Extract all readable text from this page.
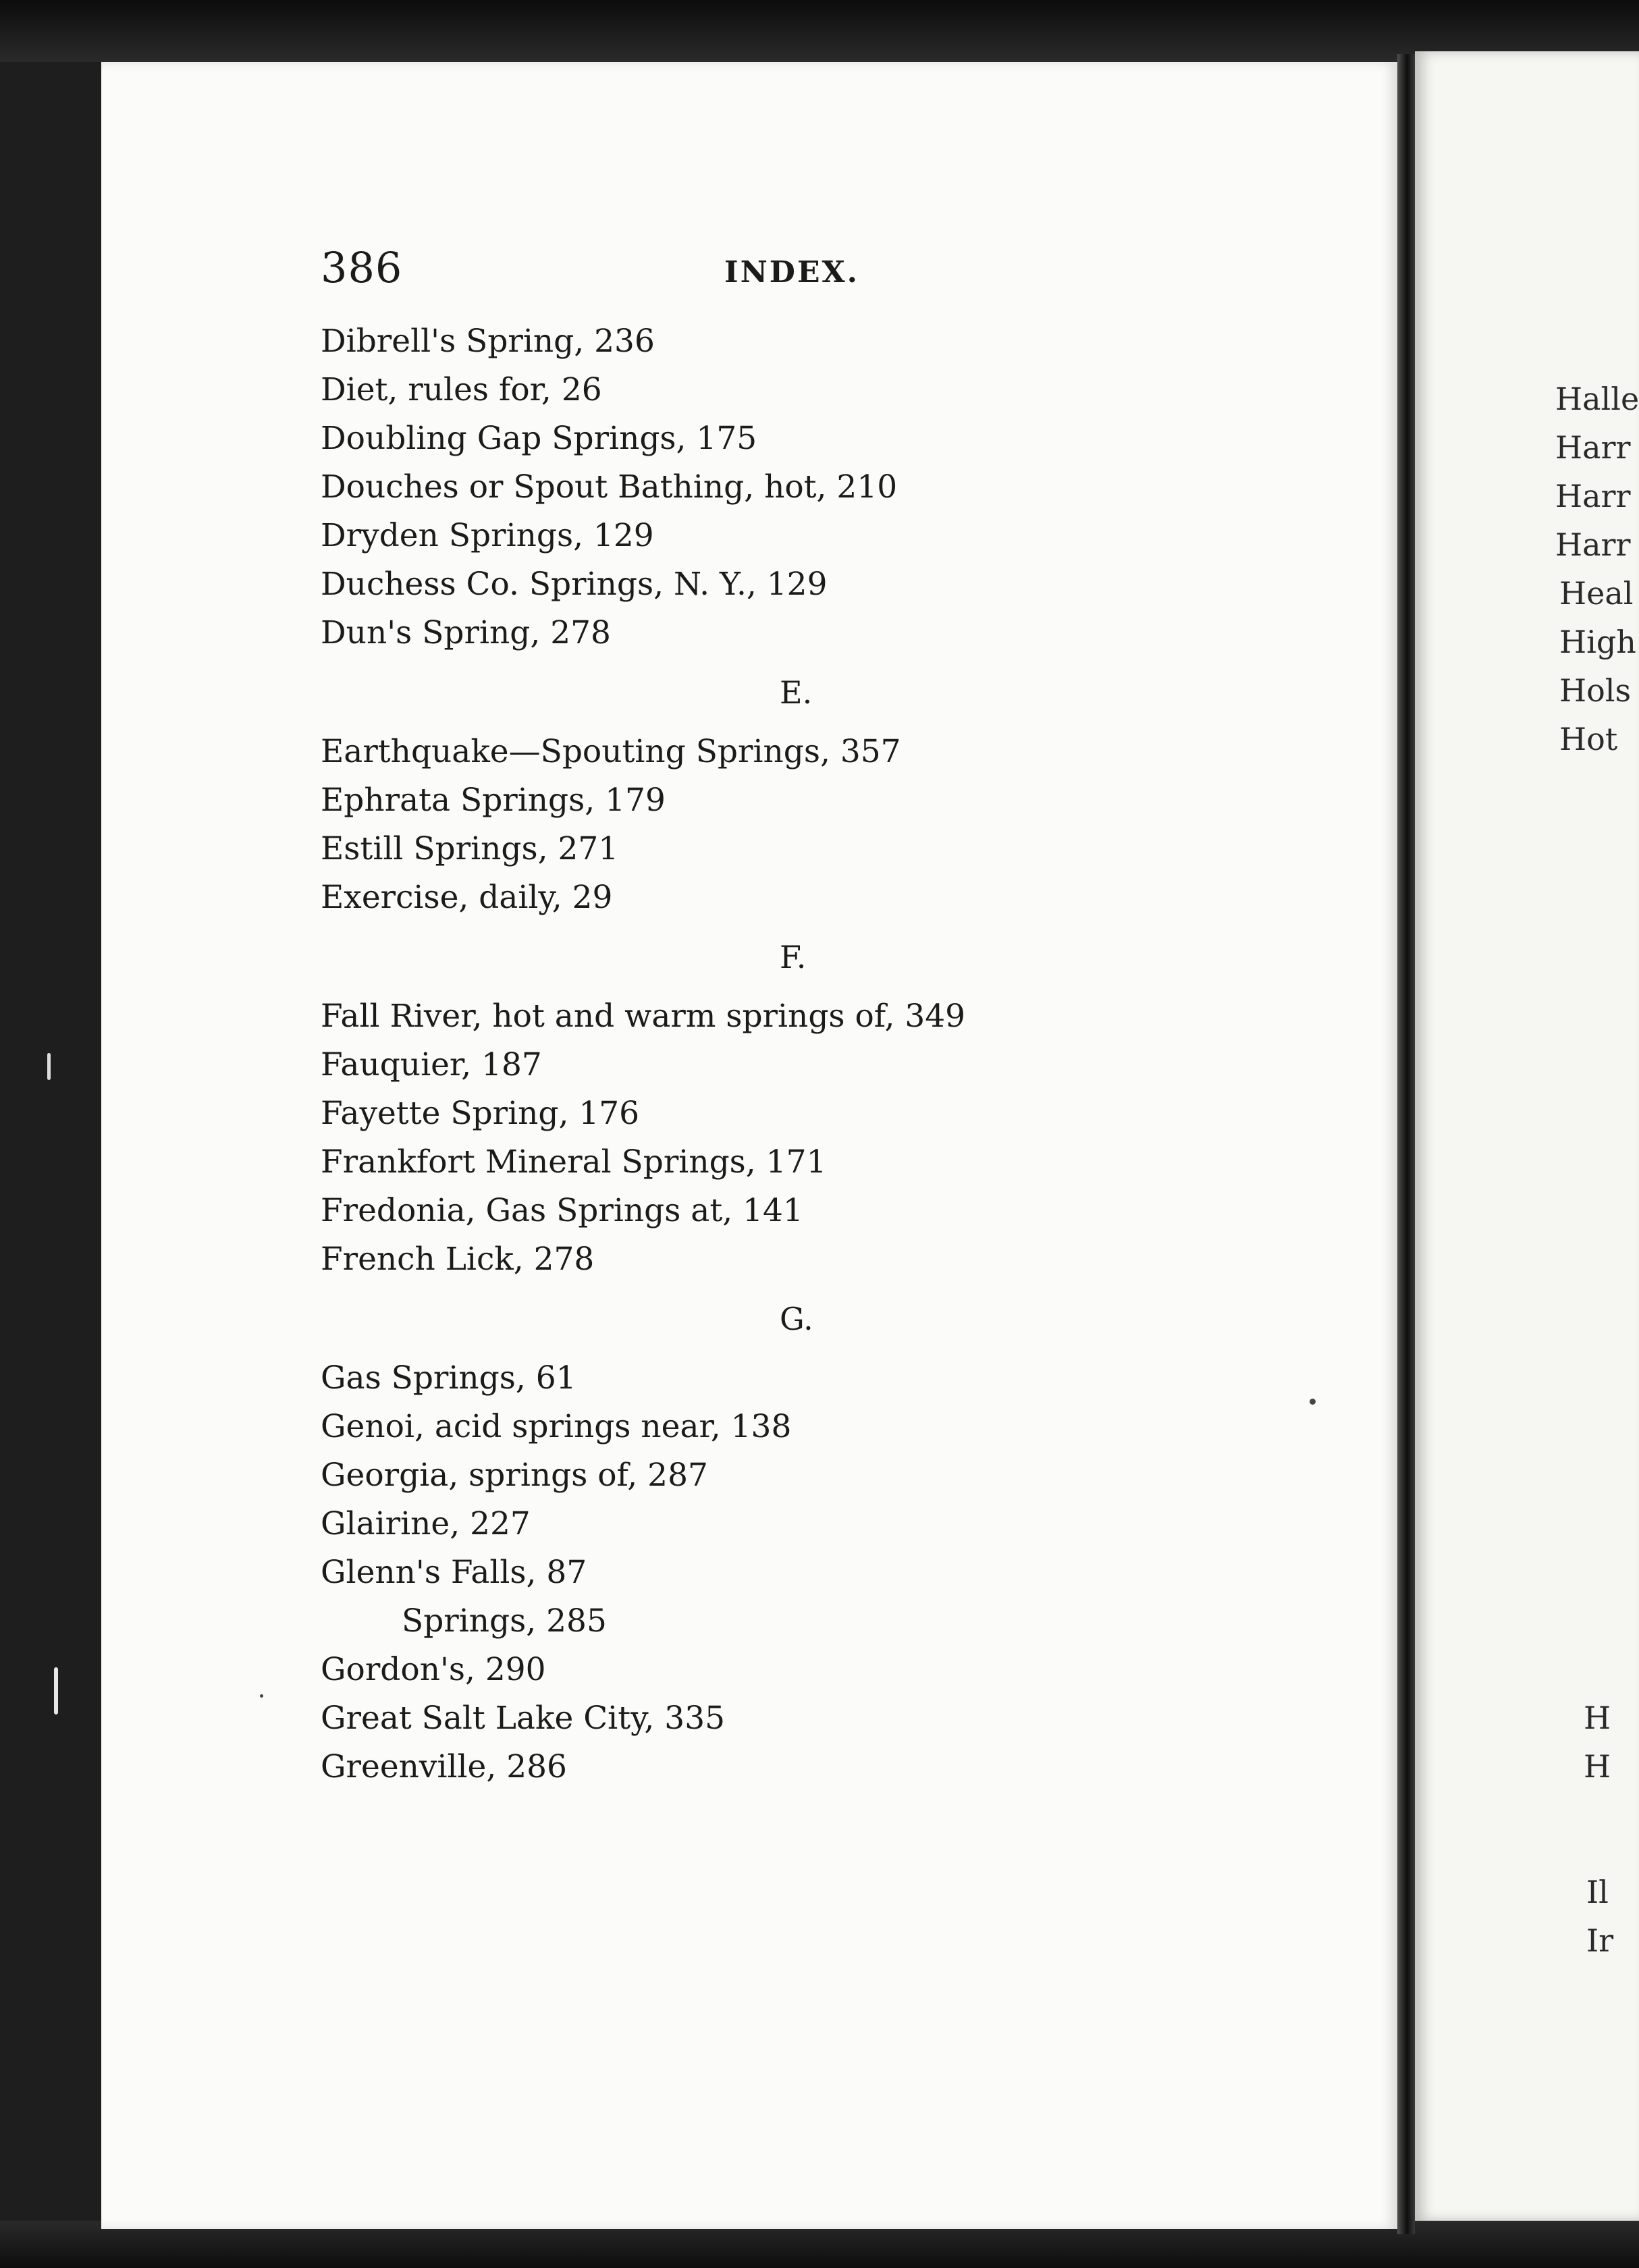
Halle
Harr
Harr
Harr
Heal
High
Hols
Hot
H
H
Il
Ir
386	INDEX.
Dibrell's Spring, 236
Diet, rules for, 26
Doubling Gap Springs, 175
Douches or Spout Bathing, hot, 210
Dryden Springs, 129
Duchess Co. Springs, N. Y., 129
Dun's Spring, 278
E.
Earthquake—Spouting Springs, 357
Ephrata Springs, 179
Estill Springs, 271
Exercise, daily, 29
F.
Fall River, hot and warm springs of, 349
Fauquier, 187
Fayette Spring, 176
Frankfort Mineral Springs, 171
Fredonia, Gas Springs at, 141
French Lick, 278
G.
Gas Springs, 61
Genoi, acid springs near, 138
Georgia, springs of, 287
Glairine, 227
Glenn's Falls, 87
Springs, 285
Gordon's, 290
Great Salt Lake City, 335
Greenville, 286
